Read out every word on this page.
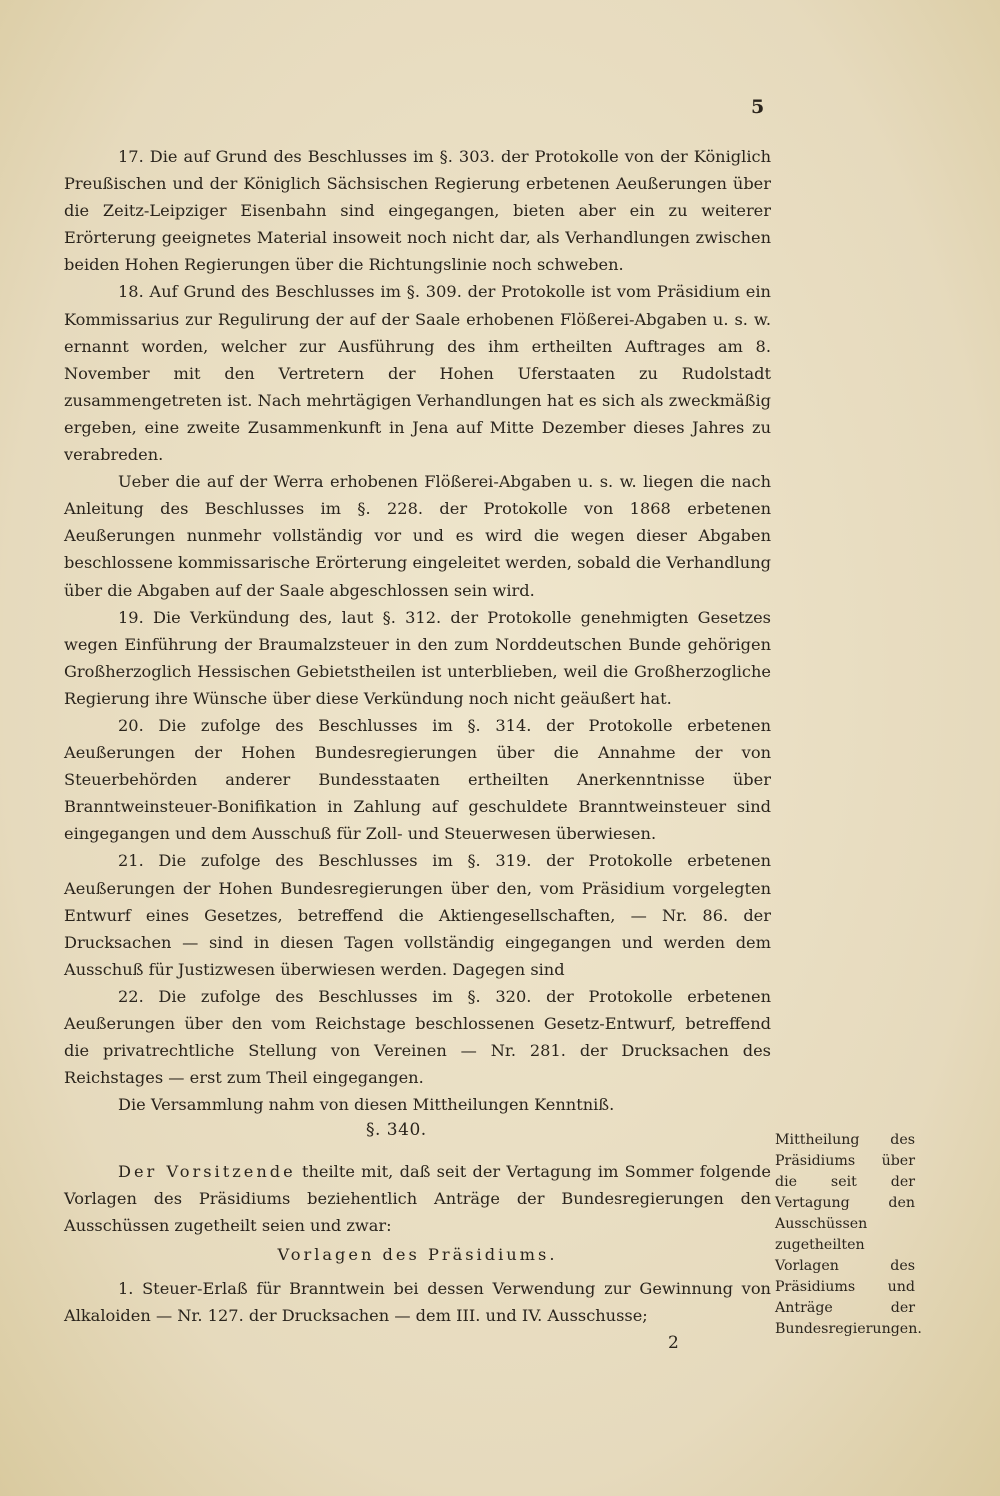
5

17. Die auf Grund des Beschlusses im §. 303. der Protokolle von der Königlich Preußischen und der Königlich Sächsischen Regierung erbetenen Aeußerungen über die Zeitz-Leipziger Eisenbahn sind eingegangen, bieten aber ein zu weiterer Erörterung geeignetes Material insoweit noch nicht dar, als Verhandlungen zwischen beiden Hohen Regierungen über die Richtungslinie noch schweben.

18. Auf Grund des Beschlusses im §. 309. der Protokolle ist vom Präsidium ein Kommissarius zur Regulirung der auf der Saale erhobenen Flößerei-Abgaben u. s. w. ernannt worden, welcher zur Ausführung des ihm ertheilten Auftrages am 8. November mit den Vertretern der Hohen Uferstaaten zu Rudolstadt zusammengetreten ist. Nach mehrtägigen Verhandlungen hat es sich als zweckmäßig ergeben, eine zweite Zusammenkunft in Jena auf Mitte Dezember dieses Jahres zu verabreden.

Ueber die auf der Werra erhobenen Flößerei-Abgaben u. s. w. liegen die nach Anleitung des Beschlusses im §. 228. der Protokolle von 1868 erbetenen Aeußerungen nunmehr vollständig vor und es wird die wegen dieser Abgaben beschlossene kommissarische Erörterung eingeleitet werden, sobald die Verhandlung über die Abgaben auf der Saale abgeschlossen sein wird.

19. Die Verkündung des, laut §. 312. der Protokolle genehmigten Gesetzes wegen Einführung der Braumalzsteuer in den zum Norddeutschen Bunde gehörigen Großherzoglich Hessischen Gebietstheilen ist unterblieben, weil die Großherzogliche Regierung ihre Wünsche über diese Verkündung noch nicht geäußert hat.

20. Die zufolge des Beschlusses im §. 314. der Protokolle erbetenen Aeußerungen der Hohen Bundesregierungen über die Annahme der von Steuerbehörden anderer Bundesstaaten ertheilten Anerkenntnisse über Branntweinsteuer-Bonifikation in Zahlung auf geschuldete Branntweinsteuer sind eingegangen und dem Ausschuß für Zoll- und Steuerwesen überwiesen.

21. Die zufolge des Beschlusses im §. 319. der Protokolle erbetenen Aeußerungen der Hohen Bundesregierungen über den, vom Präsidium vorgelegten Entwurf eines Gesetzes, betreffend die Aktiengesellschaften, — Nr. 86. der Drucksachen — sind in diesen Tagen vollständig eingegangen und werden dem Ausschuß für Justizwesen überwiesen werden. Dagegen sind

22. Die zufolge des Beschlusses im §. 320. der Protokolle erbetenen Aeußerungen über den vom Reichstage beschlossenen Gesetz-Entwurf, betreffend die privatrechtliche Stellung von Vereinen — Nr. 281. der Drucksachen des Reichstages — erst zum Theil eingegangen.

Die Versammlung nahm von diesen Mittheilungen Kenntniß.

§. 340.

Der Vorsitzende theilte mit, daß seit der Vertagung im Sommer folgende Vorlagen des Präsidiums beziehentlich Anträge der Bundesregierungen den Ausschüssen zugetheilt seien und zwar:

Vorlagen des Präsidiums.

1. Steuer-Erlaß für Branntwein bei dessen Verwendung zur Gewinnung von Alkaloiden — Nr. 127. der Drucksachen — dem III. und IV. Ausschusse;

Mittheilung des Präsidiums über die seit der Vertagung den Ausschüssen zugetheilten Vorlagen des Präsidiums und Anträge der Bundesregierungen.
2
